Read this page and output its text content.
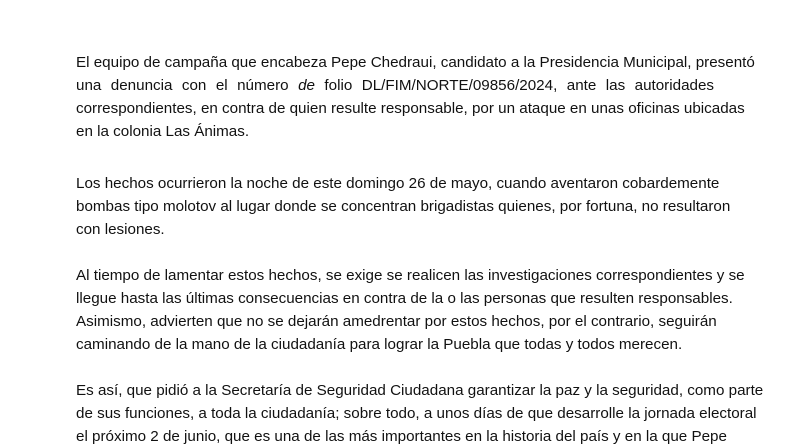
El equipo de campaña que encabeza Pepe Chedraui, candidato a la Presidencia Municipal, presentó
una denuncia con el número de folio DL/FIM/NORTE/09856/2024, ante las autoridades
correspondientes, en contra de quien resulte responsable, por un ataque en unas oficinas ubicadas
en la colonia Las Ánimas.
Los hechos ocurrieron la noche de este domingo 26 de mayo, cuando aventaron cobardemente
bombas tipo molotov al lugar donde se concentran brigadistas quienes, por fortuna, no resultaron
con lesiones.
Al tiempo de lamentar estos hechos, se exige se realicen las investigaciones correspondientes y se
llegue hasta las últimas consecuencias en contra de la o las personas que resulten responsables.
Asimismo, advierten que no se dejarán amedrentar por estos hechos, por el contrario, seguirán
caminando de la mano de la ciudadanía para lograr la Puebla que todas y todos merecen.
Es así, que pidió a la Secretaría de Seguridad Ciudadana garantizar la paz y la seguridad, como parte
de sus funciones, a toda la ciudadanía; sobre todo, a unos días de que desarrolle la jornada electoral
el próximo 2 de junio, que es una de las más importantes en la historia del país y en la que Pepe
